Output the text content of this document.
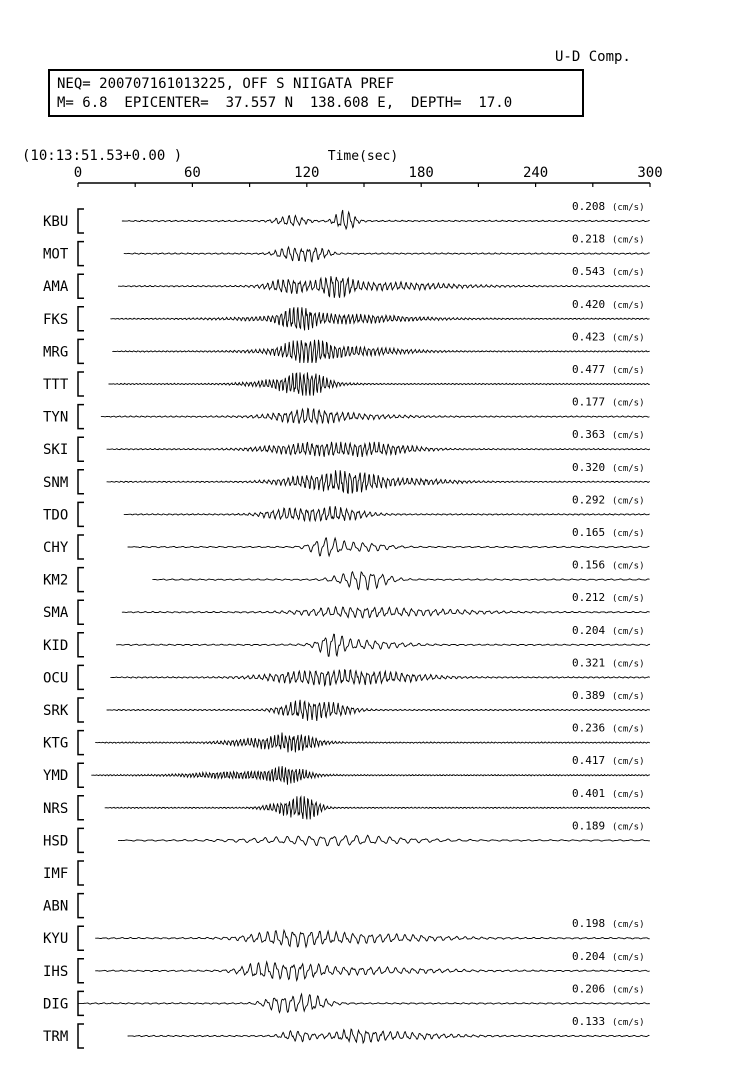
U-D Comp.
NEQ= 200707161013225, OFF S NIIGATA PREF
M= 6.8  EPICENTER=  37.557 N  138.608 E,  DEPTH=  17.0
(10:13:51.53+0.00 )	Time(sec)
0	60	120	180	240	300
KBU
0.208 (cm/s)
MOT
0.218 (cm/s)
AMA
0.543 (cm/s)
FKS
0.420 (cm/s)
MRG
0.423 (cm/s)
TTT
0.477 (cm/s)
TYN
0.177 (cm/s)
SKI
0.363 (cm/s)
SNM
0.320 (cm/s)
TDO
0.292 (cm/s)
CHY
0.165 (cm/s)
KM2
0.156 (cm/s)
SMA
0.212 (cm/s)
KID
0.204 (cm/s)
OCU
0.321 (cm/s)
SRK
0.389 (cm/s)
KTG
0.236 (cm/s)
YMD
0.417 (cm/s)
NRS
0.401 (cm/s)
HSD
0.189 (cm/s)
IMF
ABN
KYU
0.198 (cm/s)
IHS
0.204 (cm/s)
DIG
0.206 (cm/s)
TRM
0.133 (cm/s)
